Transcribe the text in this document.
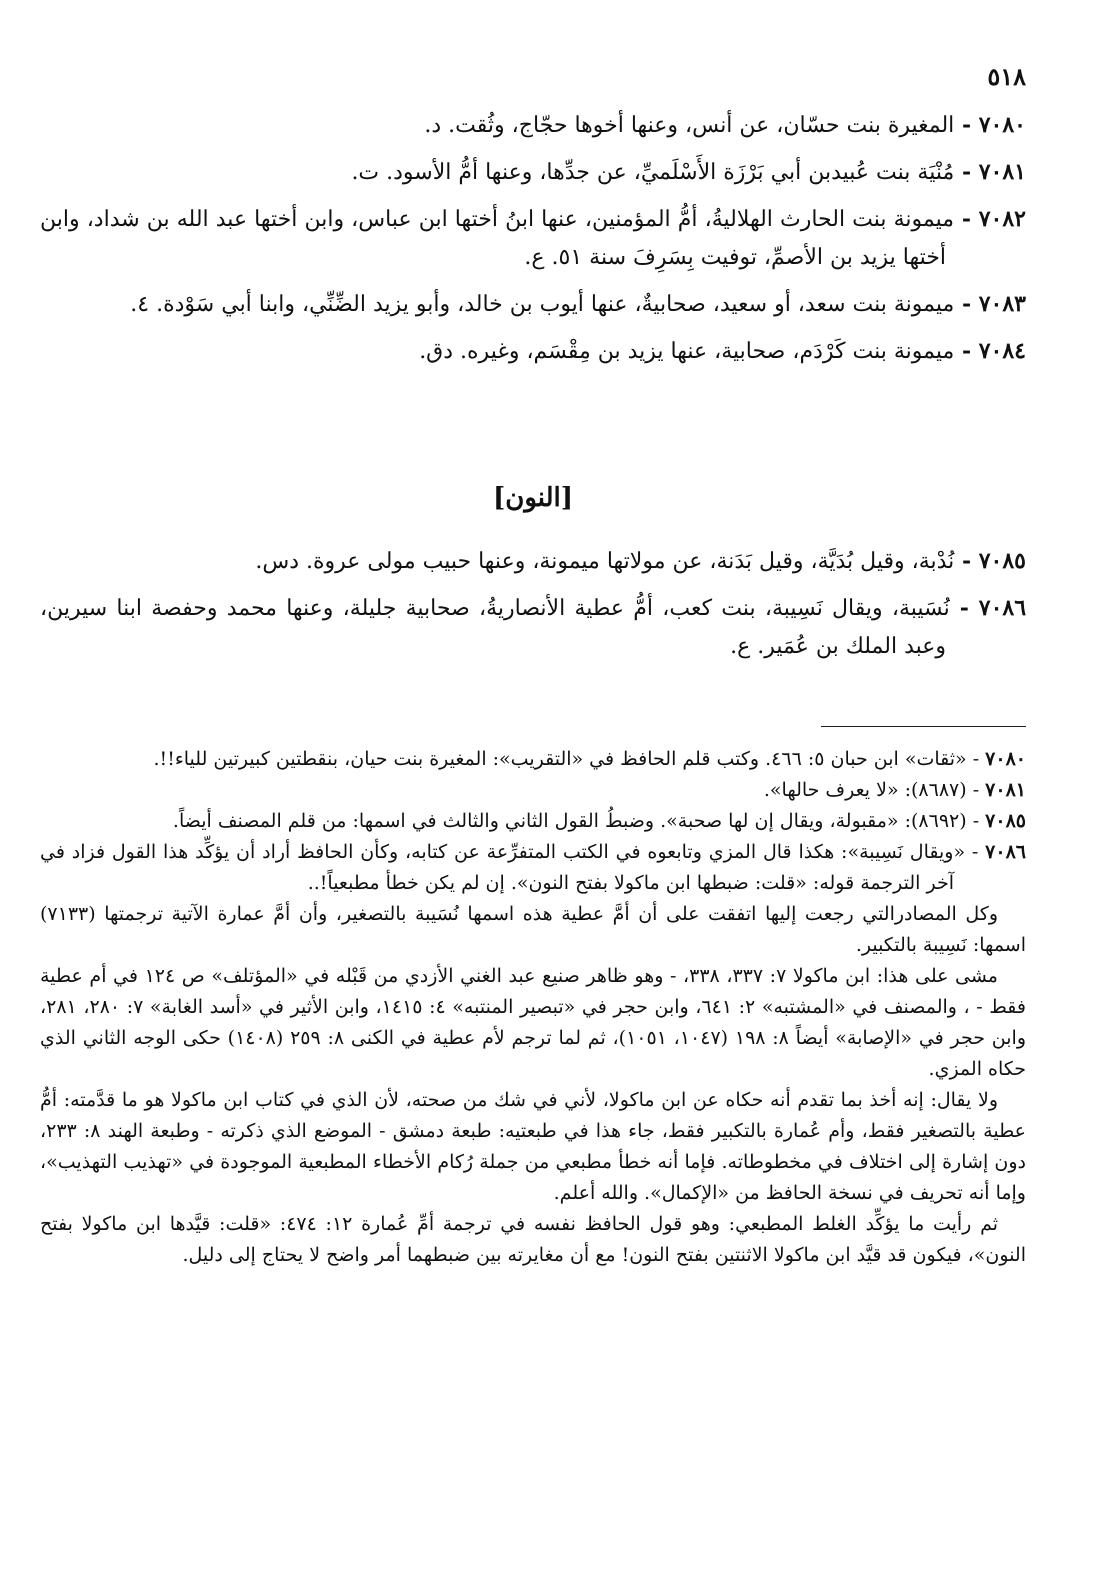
٥١٨

٧٠٨٠ - المغيرة بنت حسّان، عن أنس، وعنها أخوها حجّاج، وثُقت. د.

٧٠٨١ - مُنْيَة بنت عُبيدبن أبي بَرْزَة الأَسْلَميِّ، عن جدِّها، وعنها أمُّ الأسود. ت.

٧٠٨٢ - ميمونة بنت الحارث الهلاليةُ، أمُّ المؤمنين، عنها ابنُ أختها ابن عباس، وابن أختها عبد الله بن شداد، وابن أختها يزيد بن الأصمِّ، توفيت بِسَرِفَ سنة ٥١. ع.

٧٠٨٣ - ميمونة بنت سعد، أو سعيد، صحابيةٌ، عنها أيوب بن خالد، وأبو يزيد الضِّنِّي، وابنا أبي سَوْدة. ٤.

٧٠٨٤ - ميمونة بنت كَرْدَم، صحابية، عنها يزيد بن مِقْسَم، وغيره. دق.

[النون]

٧٠٨٥ - نُدْبة، وقيل بُدَيَّة، وقيل بَدَنة، عن مولاتها ميمونة، وعنها حبيب مولى عروة. دس.

٧٠٨٦ - نُسَيبة، ويقال نَسِيبة، بنت كعب، أمُّ عطية الأنصاريةُ، صحابية جليلة، وعنها محمد وحفصة ابنا سيرين، وعبد الملك بن عُمَير. ع.

٧٠٨٠ - «ثقات» ابن حبان ٥: ٤٦٦. وكتب قلم الحافظ في «التقريب»: المغيرة بنت حيان، بنقطتين كبيرتين للياء!!.

٧٠٨١ - (٨٦٨٧): «لا يعرف حالها».

٧٠٨٥ - (٨٦٩٢): «مقبولة، ويقال إن لها صحبة». وضبطُ القول الثاني والثالث في اسمها: من قلم المصنف أيضاً.

٧٠٨٦ - «ويقال نَسِيبة»: هكذا قال المزي وتابعوه في الكتب المتفرِّعة عن كتابه، وكأن الحافظ أراد أن يؤكِّد هذا القول فزاد في آخر الترجمة قوله: «قلت: ضبطها ابن ماكولا بفتح النون». إن لم يكن خطأ مطبعياً!..

وكل المصادرالتي رجعت إليها اتفقت على أن أمَّ عطية هذه اسمها نُسَيبة بالتصغير، وأن أمَّ عمارة الآتية ترجمتها (٧١٣٣) اسمها: نَسِيبة بالتكبير.

مشى على هذا: ابن ماكولا ٧: ٣٣٧، ٣٣٨، - وهو ظاهر صنيع عبد الغني الأزدي من قَبْله في «المؤتلف» ص ١٢٤ في أم عطية فقط - ، والمصنف في «المشتبه» ٢: ٦٤١، وابن حجر في «تبصير المنتبه» ٤: ١٤١٥، وابن الأثير في «أسد الغابة» ٧: ٢٨٠، ٢٨١، وابن حجر في «الإصابة» أيضاً ٨: ١٩٨ (١٠٤٧، ١٠٥١)، ثم لما ترجم لأم عطية في الكنى ٨: ٢٥٩ (١٤٠٨) حكى الوجه الثاني الذي حكاه المزي.

ولا يقال: إنه أخذ بما تقدم أنه حكاه عن ابن ماكولا، لأني في شك من صحته، لأن الذي في كتاب ابن ماكولا هو ما قدَّمته: أمُّ عطية بالتصغير فقط، وأم عُمارة بالتكبير فقط، جاء هذا في طبعتيه: طبعة دمشق - الموضع الذي ذكرته - وطبعة الهند ٨: ٢٣٣، دون إشارة إلى اختلاف في مخطوطاته. فإما أنه خطأ مطبعي من جملة رُكام الأخطاء المطبعية الموجودة في «تهذيب التهذيب»، وإما أنه تحريف في نسخة الحافظ من «الإكمال». والله أعلم.

ثم رأيت ما يؤكِّد الغلط المطبعي: وهو قول الحافظ نفسه في ترجمة أمِّ عُمارة ١٢: ٤٧٤: «قلت: قيَّدها ابن ماكولا بفتح النون»، فيكون قد قيَّد ابن ماكولا الاثنتين بفتح النون! مع أن مغايرته بين ضبطهما أمر واضح لا يحتاج إلى دليل.
